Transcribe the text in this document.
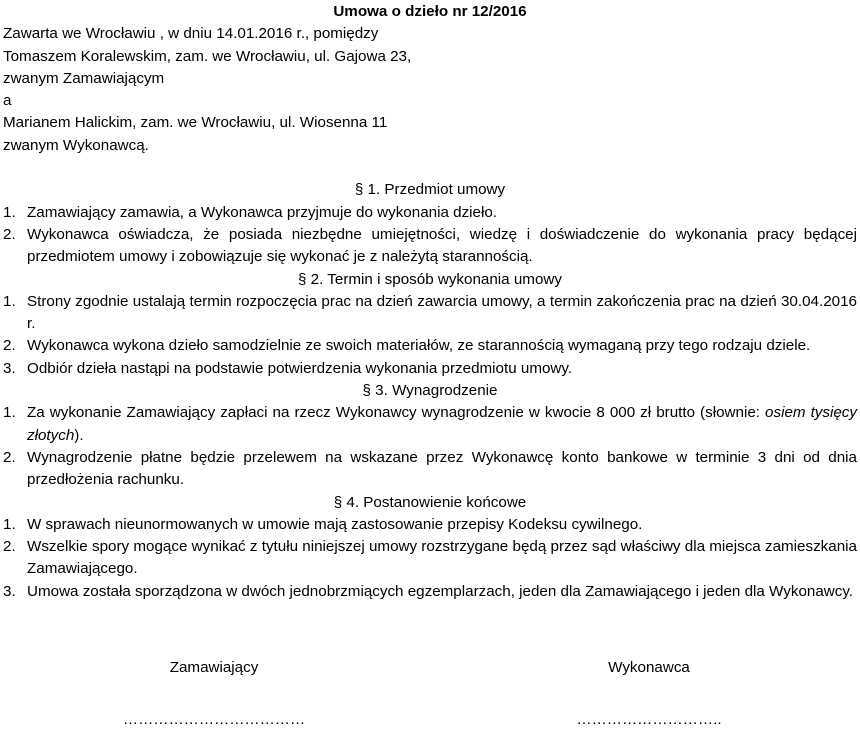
Umowa o dzieło nr 12/2016

Zawarta we Wrocławiu , w dniu 14.01.2016 r., pomiędzy

Tomaszem Koralewskim, zam. we Wrocławiu, ul. Gajowa 23,

zwanym Zamawiającym

a

Marianem Halickim, zam. we Wrocławiu, ul. Wiosenna 11

zwanym Wykonawcą.

§ 1. Przedmiot umowy

1. Zamawiający zamawia, a Wykonawca przyjmuje do wykonania dzieło.
2. Wykonawca oświadcza, że posiada niezbędne umiejętności, wiedzę i doświadczenie do wykonania pracy będącej przedmiotem umowy i zobowiązuje się wykonać je z należytą starannością.

§ 2. Termin i sposób wykonania umowy

1. Strony zgodnie ustalają termin rozpoczęcia prac na dzień zawarcia umowy, a termin zakończenia prac na dzień 30.04.2016 r.
2. Wykonawca wykona dzieło samodzielnie ze swoich materiałów, ze starannością wymaganą przy tego rodzaju dziele.
3. Odbiór dzieła nastąpi na podstawie potwierdzenia wykonania przedmiotu umowy.

§ 3. Wynagrodzenie

1. Za wykonanie Zamawiający zapłaci na rzecz Wykonawcy wynagrodzenie w kwocie 8 000 zł brutto (słownie: osiem tysięcy złotych).
2. Wynagrodzenie płatne będzie przelewem na wskazane przez Wykonawcę konto bankowe w terminie 3 dni od dnia przedłożenia rachunku.

§ 4. Postanowienie końcowe

1. W sprawach nieunormowanych w umowie mają zastosowanie przepisy Kodeksu cywilnego.
2. Wszelkie spory mogące wynikać z tytułu niniejszej umowy rozstrzygane będą przez sąd właściwy dla miejsca zamieszkania Zamawiającego.
3. Umowa została sporządzona w dwóch jednobrzmiących egzemplarzach, jeden dla Zamawiającego i jeden dla Wykonawcy.
Zamawiający
………………………………
Wykonawca
………………………..
